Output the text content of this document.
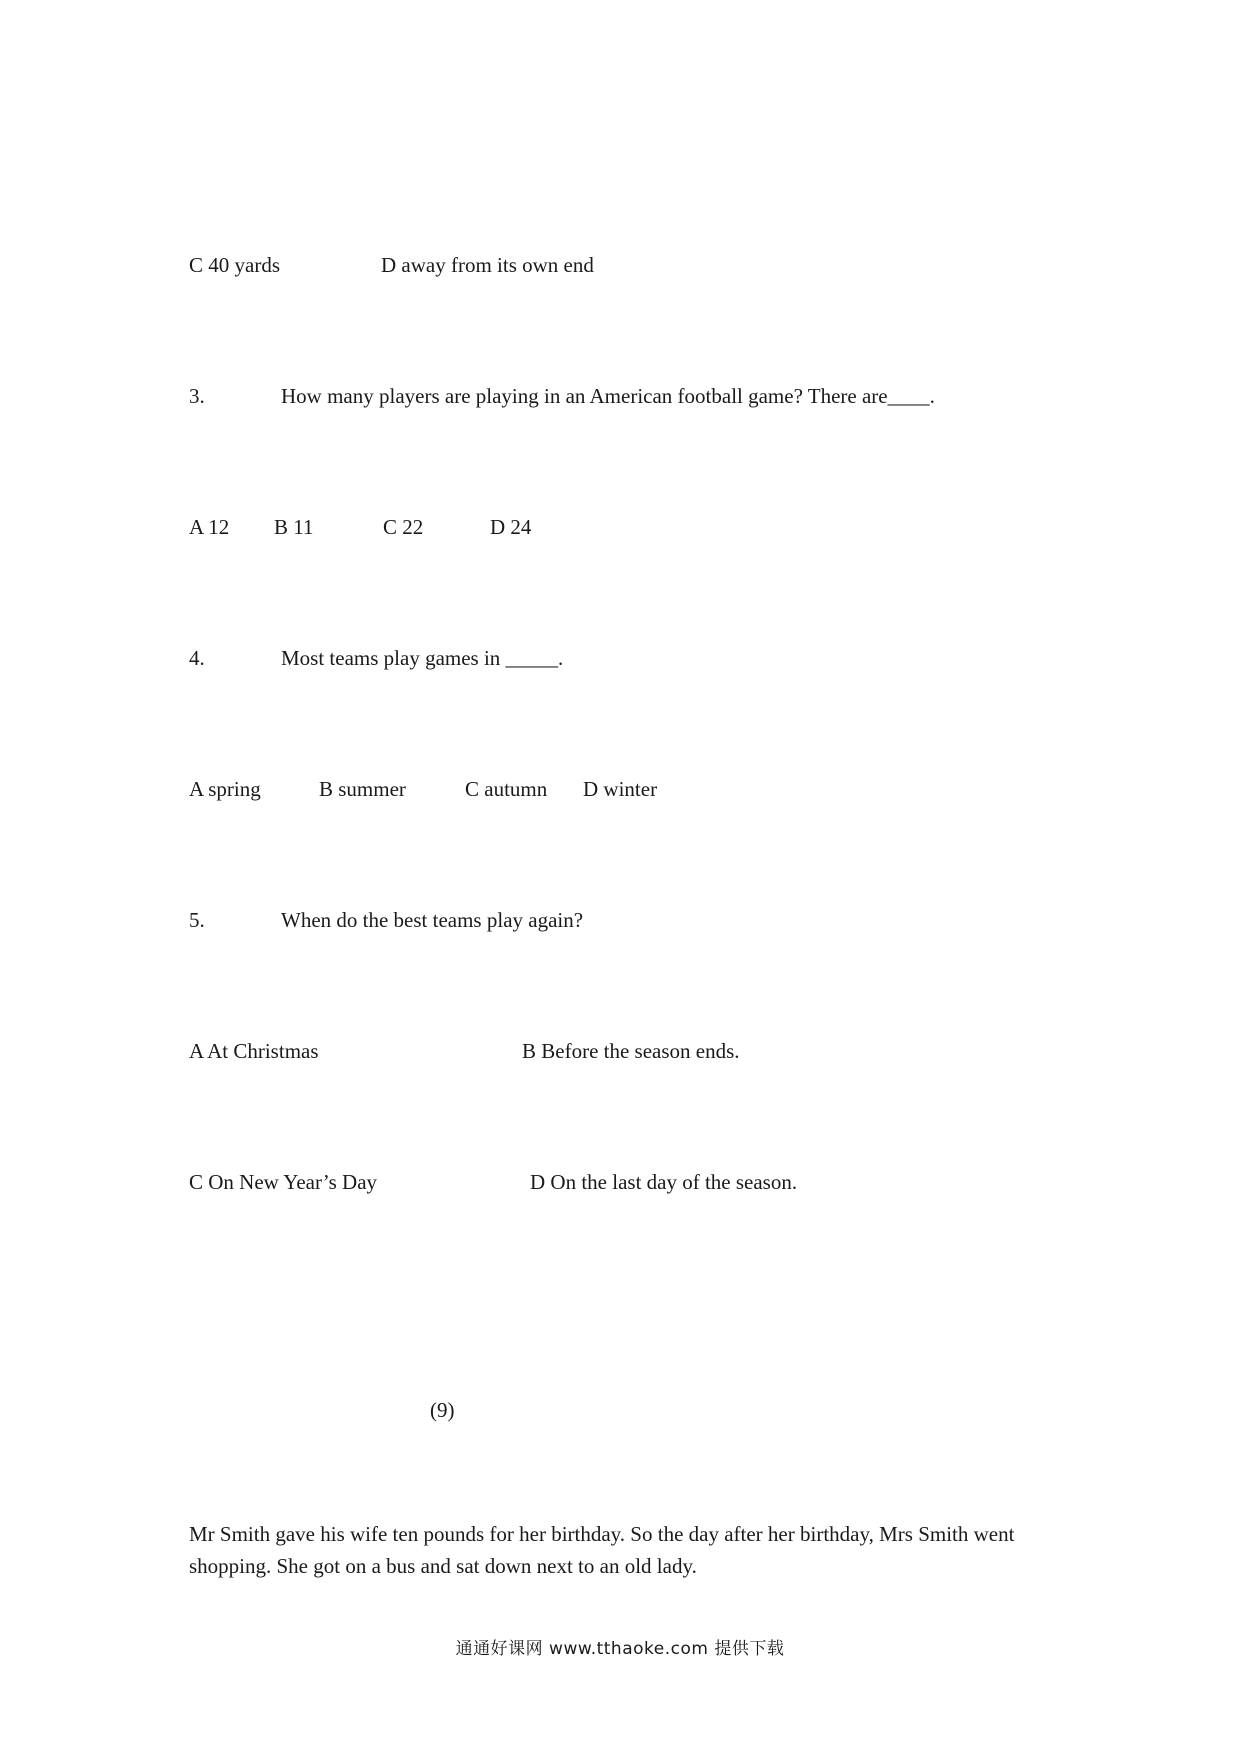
C 40 yards	D away from its own end
3.	How many players are playing in an American football game? There are____.
A 12 B 11	C 22	D 24
4.	Most teams play games in _____.
A spring	B summer	C autumn D winter
5.	When do the best teams play again?
A At Christmas	B Before the season ends.
C On New Year’s Day	D On the last day of the season.
(9)
Mr Smith gave his wife ten pounds for her birthday. So the day after her birthday, Mrs Smith went shopping. She got on a bus and sat down next to an old lady.
通通好课网 www.tthaoke.com 提供下载
